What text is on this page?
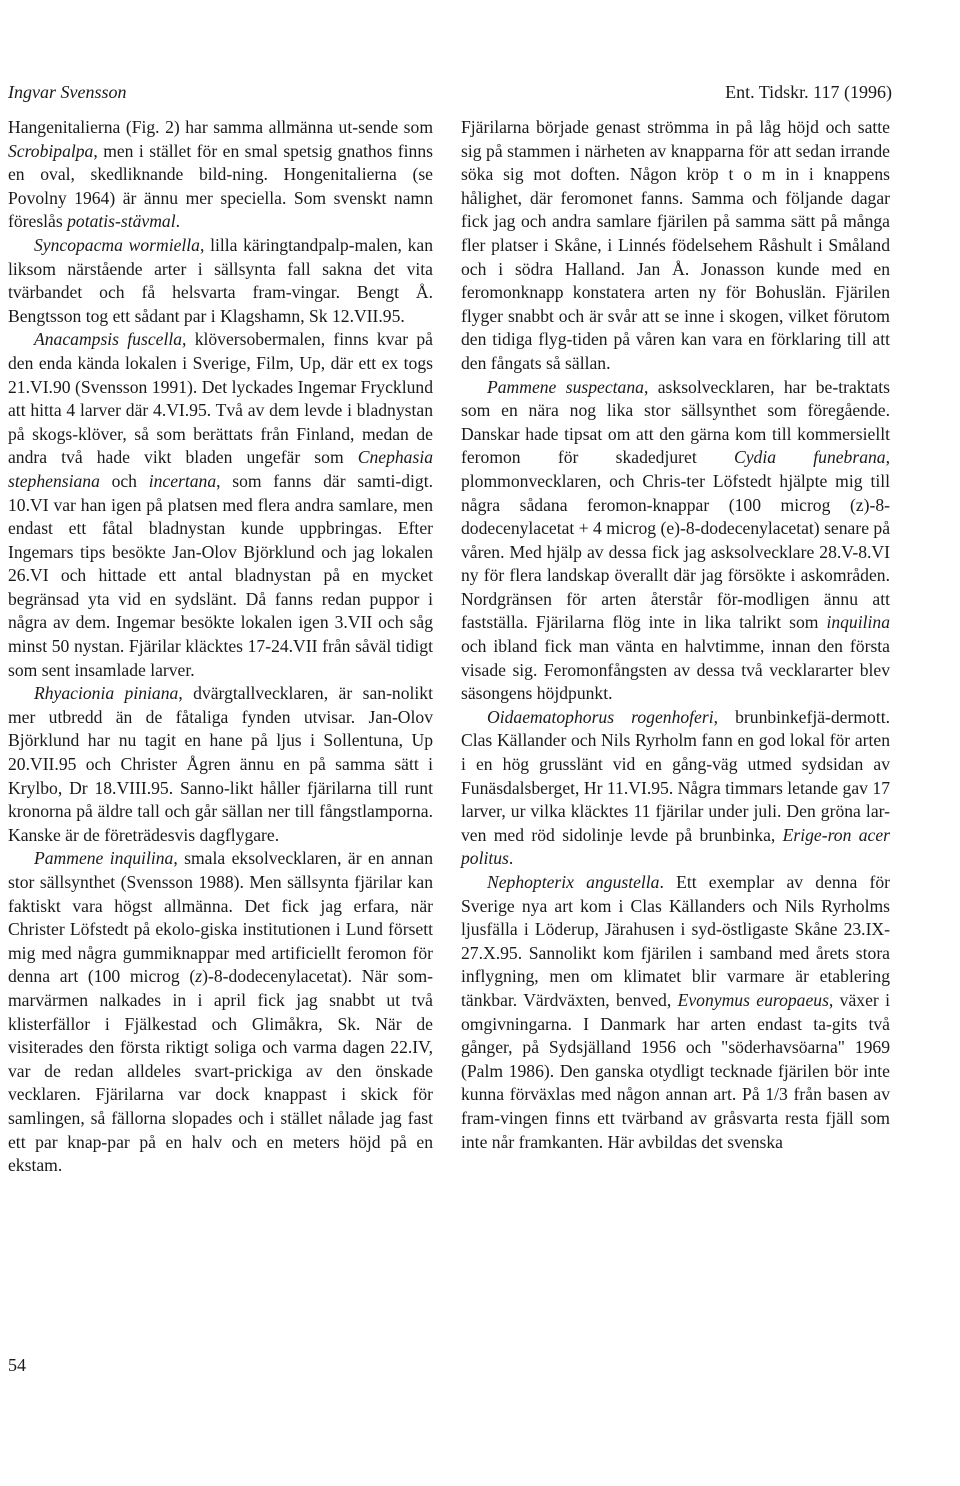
Ingvar Svensson	Ent. Tidskr. 117 (1996)

Hangenitalierna (Fig. 2) har samma allmänna ut-sende som Scrobipalpa, men i stället för en smal spetsig gnathos finns en oval, skedliknande bild-ning. Hongenitalierna (se Povolny 1964) är ännu mer speciella. Som svenskt namn föreslås potatis-stävmal.

Syncopacma wormiella, lilla käringtandpalp-malen, kan liksom närstående arter i sällsynta fall sakna det vita tvärbandet och få helsvarta fram-vingar. Bengt Å. Bengtsson tog ett sådant par i Klagshamn, Sk 12.VII.95.

Anacampsis fuscella, klöversobermalen, finns kvar på den enda kända lokalen i Sverige, Film, Up, där ett ex togs 21.VI.90 (Svensson 1991). Det lyckades Ingemar Frycklund att hitta 4 larver där 4.VI.95. Två av dem levde i bladnystan på skogs-klöver, så som berättats från Finland, medan de andra två hade vikt bladen ungefär som Cnephasia stephensiana och incertana, som fanns där samti-digt. 10.VI var han igen på platsen med flera andra samlare, men endast ett fåtal bladnystan kunde uppbringas. Efter Ingemars tips besökte Jan-Olov Björklund och jag lokalen 26.VI och hittade ett antal bladnystan på en mycket begränsad yta vid en sydslänt. Då fanns redan puppor i några av dem. Ingemar besökte lokalen igen 3.VII och såg minst 50 nystan. Fjärilar kläcktes 17-24.VII från såväl tidigt som sent insamlade larver.

Rhyacionia piniana, dvärgtallvecklaren, är san-nolikt mer utbredd än de fåtaliga fynden utvisar. Jan-Olov Björklund har nu tagit en hane på ljus i Sollentuna, Up 20.VII.95 och Christer Ågren ännu en på samma sätt i Krylbo, Dr 18.VIII.95. Sanno-likt håller fjärilarna till runt kronorna på äldre tall och går sällan ner till fångstlamporna. Kanske är de företrädesvis dagflygare.

Pammene inquilina, smala eksolvecklaren, är en annan stor sällsynthet (Svensson 1988). Men sällsynta fjärilar kan faktiskt vara högst allmänna. Det fick jag erfara, när Christer Löfstedt på ekolo-giska institutionen i Lund försett mig med några gummiknappar med artificiellt feromon för denna art (100 microg (z)-8-dodecenylacetat). När som-marvärmen nalkades in i april fick jag snabbt ut två klisterfällor i Fjälkestad och Glimåkra, Sk. När de visiterades den första riktigt soliga och varma dagen 22.IV, var de redan alldeles svart-prickiga av den önskade vecklaren. Fjärilarna var dock knappast i skick för samlingen, så fällorna slopades och i stället nålade jag fast ett par knap-par på en halv och en meters höjd på en ekstam.

Fjärilarna började genast strömma in på låg höjd och satte sig på stammen i närheten av knapparna för att sedan irrande söka sig mot doften. Någon kröp t o m in i knappens hålighet, där feromonet fanns. Samma och följande dagar fick jag och andra samlare fjärilen på samma sätt på många fler platser i Skåne, i Linnés födelsehem Råshult i Småland och i södra Halland. Jan Å. Jonasson kunde med en feromonknapp konstatera arten ny för Bohuslän. Fjärilen flyger snabbt och är svår att se inne i skogen, vilket förutom den tidiga flyg-tiden på våren kan vara en förklaring till att den fångats så sällan.

Pammene suspectana, asksolvecklaren, har be-traktats som en nära nog lika stor sällsynthet som föregående. Danskar hade tipsat om att den gärna kom till kommersiellt feromon för skadedjuret Cydia funebrana, plommonvecklaren, och Chris-ter Löfstedt hjälpte mig till några sådana feromon-knappar (100 microg (z)-8-dodecenylacetat + 4 microg (e)-8-dodecenylacetat) senare på våren. Med hjälp av dessa fick jag asksolvecklare 28.V-8.VI ny för flera landskap överallt där jag försökte i askområden. Nordgränsen för arten återstår för-modligen ännu att fastställa. Fjärilarna flög inte in lika talrikt som inquilina och ibland fick man vänta en halvtimme, innan den första visade sig. Feromonfångsten av dessa två vecklararter blev säsongens höjdpunkt.

Oidaematophorus rogenhoferi, brunbinkefjä-dermott. Clas Källander och Nils Ryrholm fann en god lokal för arten i en hög grusslänt vid en gång-väg utmed sydsidan av Funäsdalsberget, Hr 11.VI.95. Några timmars letande gav 17 larver, ur vilka kläcktes 11 fjärilar under juli. Den gröna lar-ven med röd sidolinje levde på brunbinka, Erige-ron acer politus.

Nephopterix angustella. Ett exemplar av denna för Sverige nya art kom i Clas Källanders och Nils Ryrholms ljusfälla i Löderup, Järahusen i syd-östligaste Skåne 23.IX-27.X.95. Sannolikt kom fjärilen i samband med årets stora inflygning, men om klimatet blir varmare är etablering tänkbar. Värdväxten, benved, Evonymus europaeus, växer i omgivningarna. I Danmark har arten endast ta-gits två gånger, på Sydsjälland 1956 och "söderhavsöarna" 1969 (Palm 1986). Den ganska otydligt tecknade fjärilen bör inte kunna förväxlas med någon annan art. På 1/3 från basen av fram-vingen finns ett tvärband av gråsvarta resta fjäll som inte når framkanten. Här avbildas det svenska

54
